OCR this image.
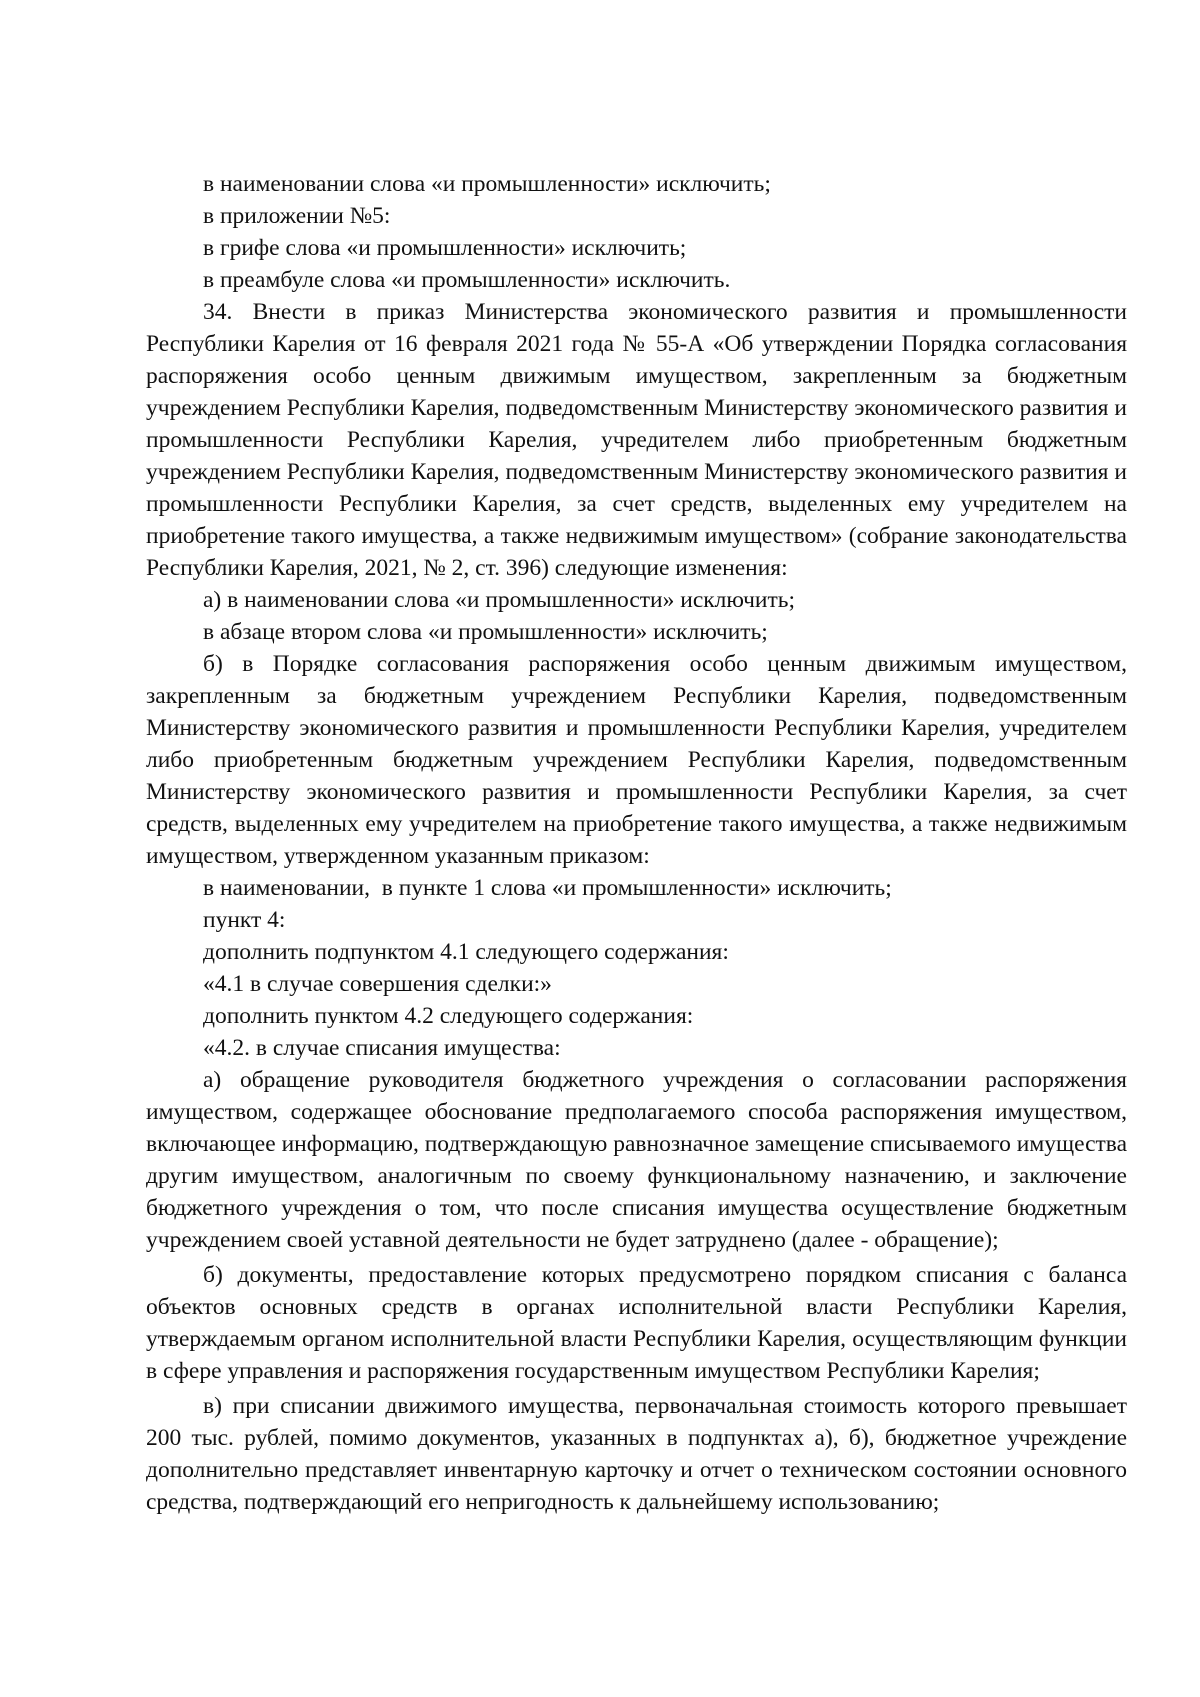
в наименовании слова «и промышленности» исключить;

в приложении №5:

в грифе слова «и промышленности» исключить;

в преамбуле слова «и промышленности» исключить.

34. Внести в приказ Министерства экономического развития и промышленности Республики Карелия от 16 февраля 2021 года № 55-А «Об утверждении Порядка согласования распоряжения особо ценным движимым имуществом, закрепленным за бюджетным учреждением Республики Карелия, подведомственным Министерству экономического развития и промышленности Республики Карелия, учредителем либо приобретенным бюджетным учреждением Республики Карелия, подведомственным Министерству экономического развития и промышленности Республики Карелия, за счет средств, выделенных ему учредителем на приобретение такого имущества, а также недвижимым имуществом» (собрание законодательства Республики Карелия, 2021, № 2, ст. 396) следующие изменения:

а) в наименовании слова «и промышленности» исключить;

в абзаце втором слова «и промышленности» исключить;

б) в Порядке согласования распоряжения особо ценным движимым имуществом, закрепленным за бюджетным учреждением Республики Карелия, подведомственным Министерству экономического развития и промышленности Республики Карелия, учредителем либо приобретенным бюджетным учреждением Республики Карелия, подведомственным Министерству экономического развития и промышленности Республики Карелия, за счет средств, выделенных ему учредителем на приобретение такого имущества, а также недвижимым имуществом, утвержденном указанным приказом:

в наименовании,  в пункте 1 слова «и промышленности» исключить;

пункт 4:

дополнить подпунктом 4.1 следующего содержания:

«4.1 в случае совершения сделки:»

дополнить пунктом 4.2 следующего содержания:

«4.2. в случае списания имущества:

а) обращение руководителя бюджетного учреждения о согласовании распоряжения имуществом, содержащее обоснование предполагаемого способа распоряжения имуществом, включающее информацию, подтверждающую равнозначное замещение списываемого имущества другим имуществом, аналогичным по своему функциональному назначению, и заключение бюджетного учреждения о том, что после списания имущества осуществление бюджетным учреждением своей уставной деятельности не будет затруднено (далее - обращение);

б) документы, предоставление которых предусмотрено порядком списания с баланса объектов основных средств в органах исполнительной власти Республики Карелия, утверждаемым органом исполнительной власти Республики Карелия, осуществляющим функции в сфере управления и распоряжения государственным имуществом Республики Карелия;

в) при списании движимого имущества, первоначальная стоимость которого превышает 200 тыс. рублей, помимо документов, указанных в подпунктах а), б), бюджетное учреждение дополнительно представляет инвентарную карточку и отчет о техническом состоянии основного средства, подтверждающий его непригодность к дальнейшему использованию;
